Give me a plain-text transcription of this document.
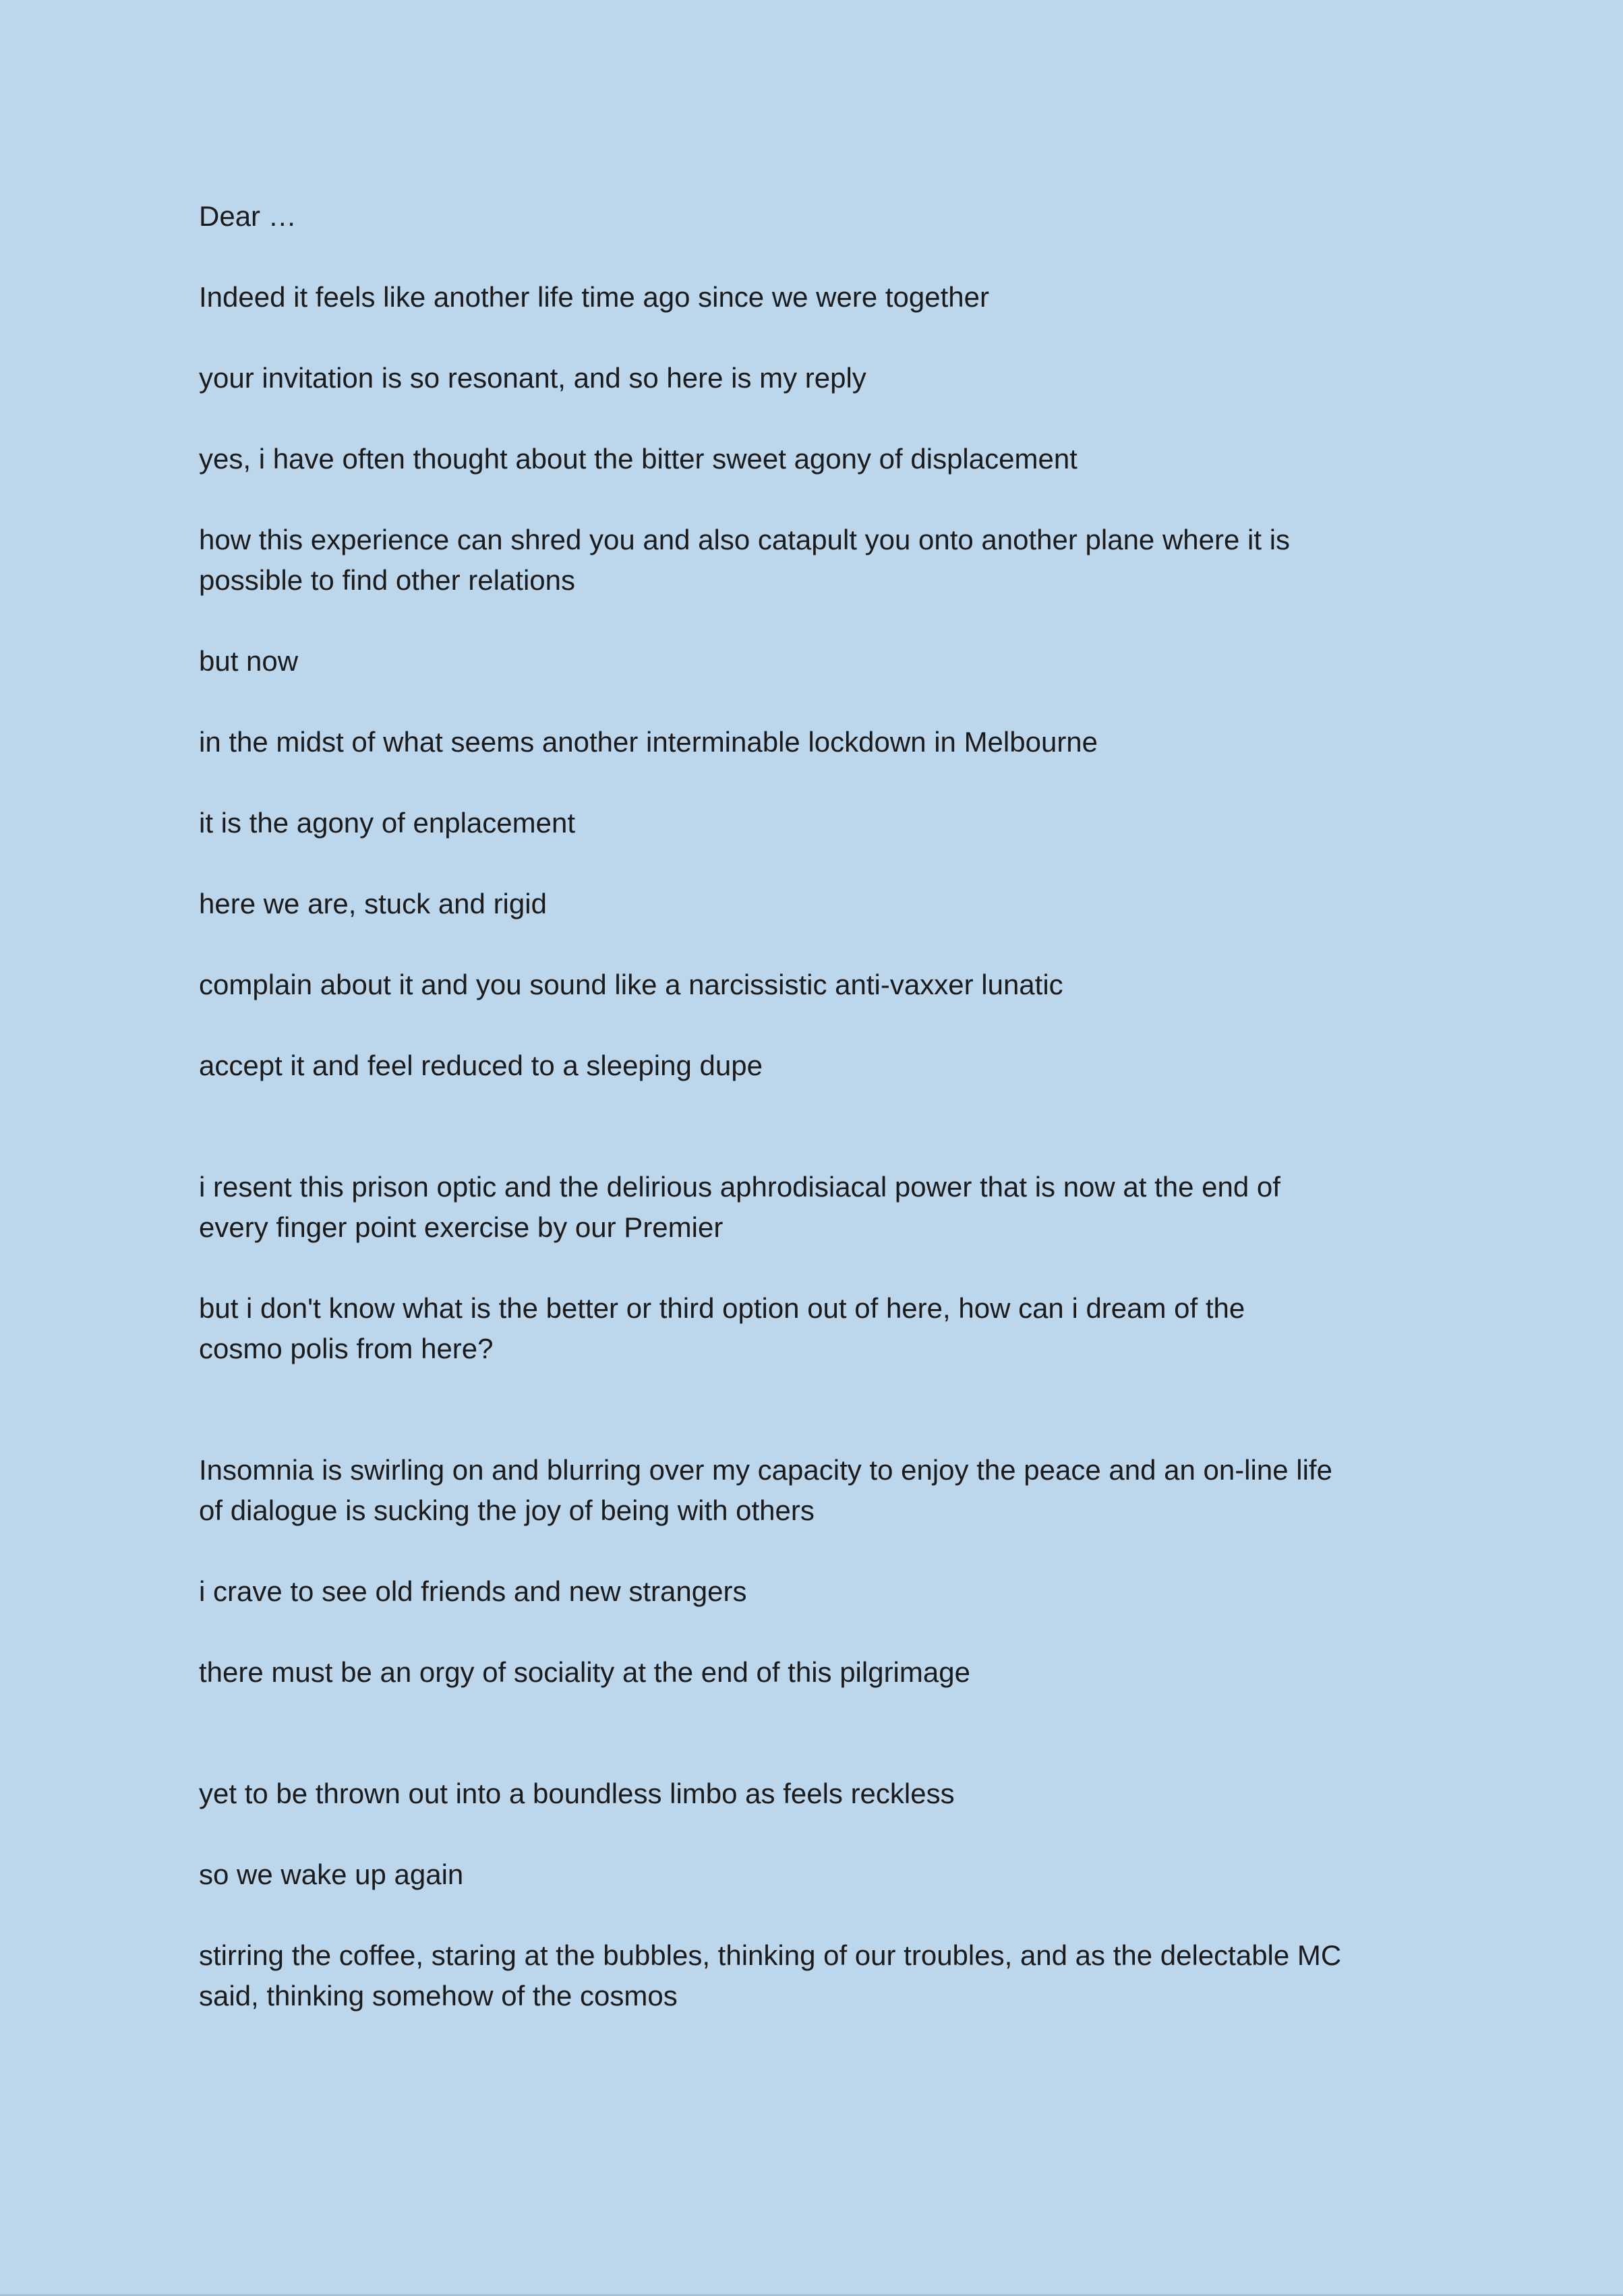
Dear …
Indeed it feels like another life time ago since we were together
your invitation is so resonant, and so here is my reply
yes, i have often thought about the bitter sweet agony of displacement
how this experience can shred you and also catapult you onto another plane where it is
possible to find other relations
but now
in the midst of what seems another interminable lockdown in Melbourne
it is the agony of enplacement
here we are, stuck and rigid
complain about it and you sound like a narcissistic anti-vaxxer lunatic
accept it and feel reduced to a sleeping dupe
i resent this prison optic and the delirious aphrodisiacal power that is now at the end of
every finger point exercise by our Premier
but i don't know what is the better or third option out of here, how can i dream of the
cosmo polis from here?
Insomnia is swirling on and blurring over my capacity to enjoy the peace and an on-line life
of dialogue is sucking the joy of being with others
i crave to see old friends and new strangers
there must be an orgy of sociality at the end of this pilgrimage
yet to be thrown out into a boundless limbo as feels reckless
so we wake up again
stirring the coffee, staring at the bubbles, thinking of our troubles, and as the delectable MC
said, thinking somehow of the cosmos
